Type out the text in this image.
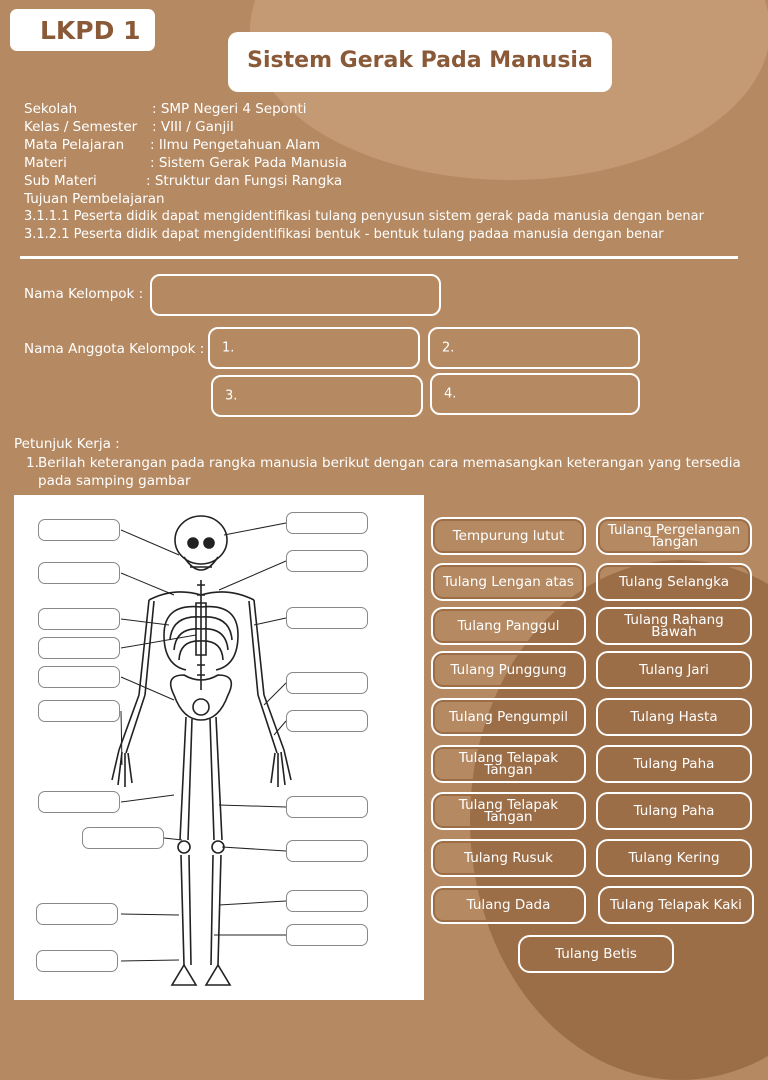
LKPD 1
Sistem Gerak Pada Manusia
Sekolah	: SMP Negeri 4 Seponti
Kelas / Semester	: VIII / Ganjil
Mata Pelajaran	: Ilmu Pengetahuan Alam
Materi	: Sistem Gerak Pada Manusia
Sub Materi	: Struktur dan Fungsi Rangka
Tujuan Pembelajaran
3.1.1.1 Peserta didik dapat mengidentifikasi tulang penyusun sistem gerak pada manusia dengan benar
3.1.2.1 Peserta didik dapat mengidentifikasi bentuk - bentuk tulang padaa manusia dengan benar
Nama Kelompok :
Nama Anggota Kelompok : 1.	2.
3.	4.
Petunjuk Kerja :
1. Berilah keterangan pada rangka manusia berikut dengan cara memasangkan keterangan yang tersedia pada samping gambar
Tempurung lutut	Tulang Pergelangan Tangan
Tulang Lengan atas	Tulang Selangka
Tulang Panggul	Tulang Rahang Bawah
Tulang Punggung	Tulang Jari
Tulang Pengumpil	Tulang Hasta
Tulang Telapak Tangan	Tulang Paha
Tulang Telapak Tangan	Tulang Paha
Tulang Rusuk	Tulang Kering
Tulang Dada	Tulang Telapak Kaki
Tulang Betis
